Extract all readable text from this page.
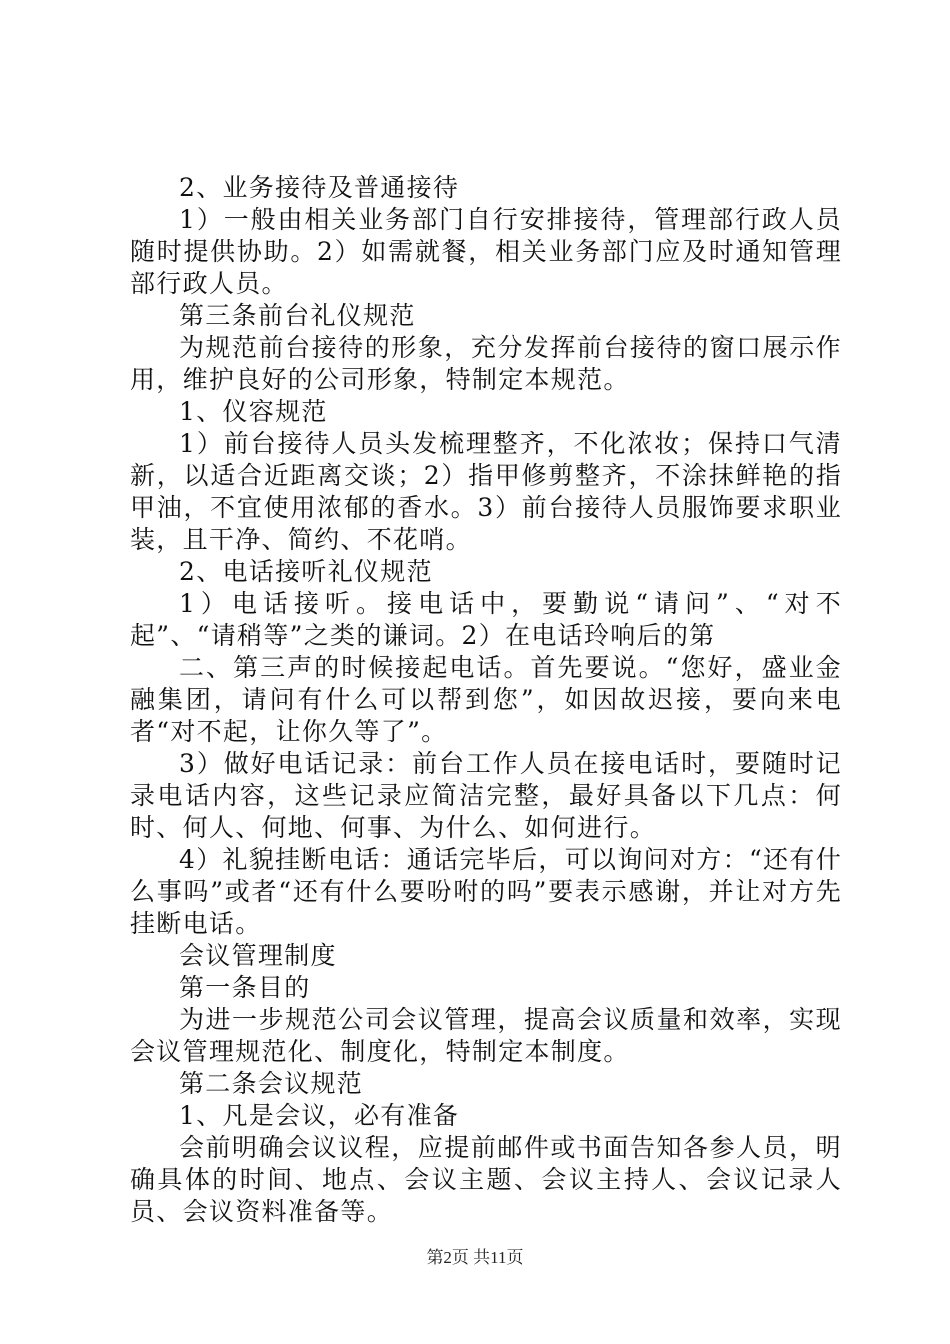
2、业务接待及普通接待

1）一般由相关业务部门自行安排接待，管理部行政人员随时提供协助。2）如需就餐，相关业务部门应及时通知管理部行政人员。

第三条前台礼仪规范

为规范前台接待的形象，充分发挥前台接待的窗口展示作用，维护良好的公司形象，特制定本规范。

1、仪容规范

1）前台接待人员头发梳理整齐，不化浓妆；保持口气清新，以适合近距离交谈；2）指甲修剪整齐，不涂抹鲜艳的指甲油，不宜使用浓郁的香水。3）前台接待人员服饰要求职业装，且干净、简约、不花哨。

2、电话接听礼仪规范

1）电话接听。接电话中，要勤说“请问”、“对不起”、“请稍等”之类的谦词。2）在电话玲响后的第

二、第三声的时候接起电话。首先要说。“您好，盛业金融集团，请问有什么可以帮到您”，如因故迟接，要向来电者“对不起，让你久等了”。

3）做好电话记录：前台工作人员在接电话时，要随时记录电话内容，这些记录应简洁完整，最好具备以下几点：何时、何人、何地、何事、为什么、如何进行。

4）礼貌挂断电话：通话完毕后，可以询问对方：“还有什么事吗”或者“还有什么要吩咐的吗”要表示感谢，并让对方先挂断电话。

会议管理制度

第一条目的

为进一步规范公司会议管理，提高会议质量和效率，实现会议管理规范化、制度化，特制定本制度。

第二条会议规范

1、凡是会议，必有准备

会前明确会议议程，应提前邮件或书面告知各参人员，明确具体的时间、地点、会议主题、会议主持人、会议记录人员、会议资料准备等。

第2页 共11页
